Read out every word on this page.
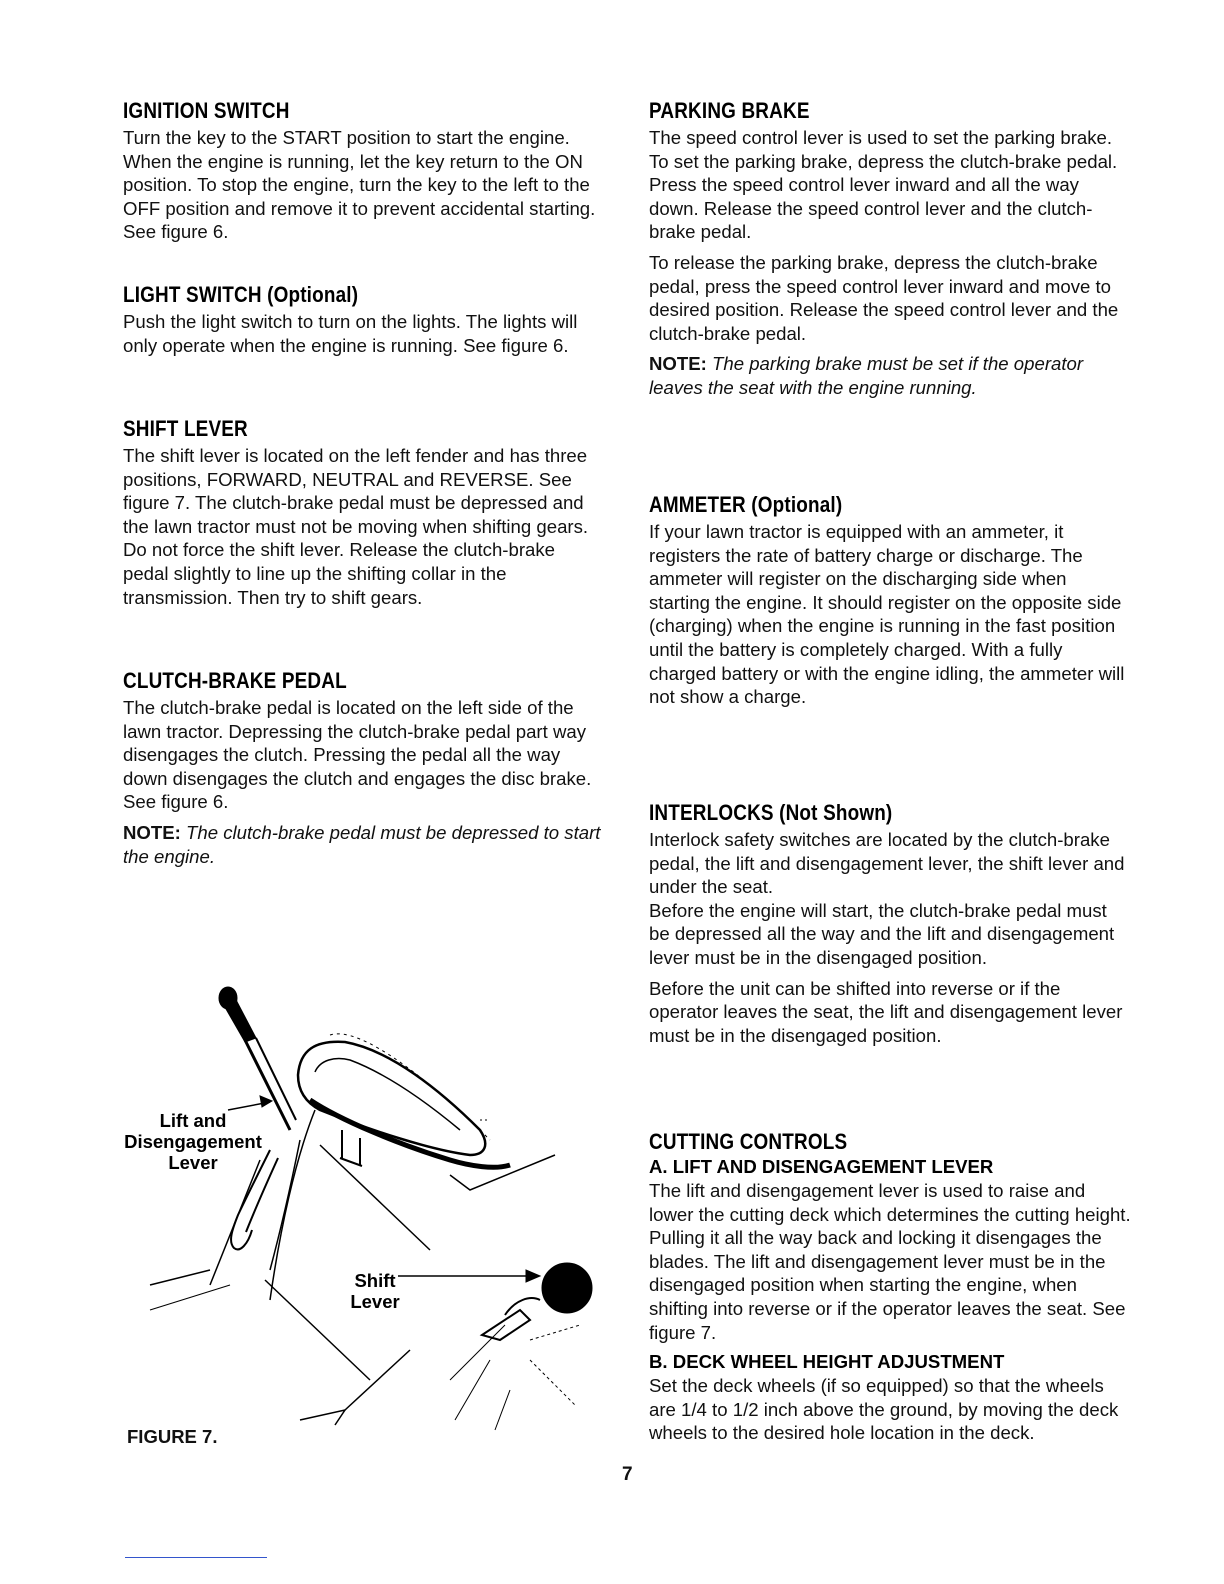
IGNITION SWITCH

Turn the key to the START position to start the engine. When the engine is running, let the key return to the ON position. To stop the engine, turn the key to the left to the OFF position and remove it to prevent accidental starting. See figure 6.

LIGHT SWITCH (Optional)

Push the light switch to turn on the lights. The lights will only operate when the engine is running. See figure 6.

SHIFT LEVER

The shift lever is located on the left fender and has three positions, FORWARD, NEUTRAL and REVERSE. See figure 7. The clutch-brake pedal must be depressed and the lawn tractor must not be moving when shifting gears. Do not force the shift lever. Release the clutch-brake pedal slightly to line up the shifting collar in the transmission. Then try to shift gears.

CLUTCH-BRAKE PEDAL

The clutch-brake pedal is located on the left side of the lawn tractor. Depressing the clutch-brake pedal part way disengages the clutch. Pressing the pedal all the way down disengages the clutch and engages the disc brake. See figure 6.

NOTE: The clutch-brake pedal must be depressed to start the engine.

Lift and Disengagement Lever
Shift Lever
FIGURE 7.
PARKING BRAKE

The speed control lever is used to set the parking brake. To set the parking brake, depress the clutch-brake pedal. Press the speed control lever inward and all the way down. Release the speed control lever and the clutch-brake pedal.

To release the parking brake, depress the clutch-brake pedal, press the speed control lever inward and move to desired position. Release the speed control lever and the clutch-brake pedal.

NOTE: The parking brake must be set if the operator leaves the seat with the engine running.

AMMETER (Optional)

If your lawn tractor is equipped with an ammeter, it registers the rate of battery charge or discharge. The ammeter will register on the discharging side when starting the engine. It should register on the opposite side (charging) when the engine is running in the fast position until the battery is completely charged. With a fully charged battery or with the engine idling, the ammeter will not show a charge.

INTERLOCKS (Not Shown)

Interlock safety switches are located by the clutch-brake pedal, the lift and disengagement lever, the shift lever and under the seat.

Before the engine will start, the clutch-brake pedal must be depressed all the way and the lift and disengagement lever must be in the disengaged position.

Before the unit can be shifted into reverse or if the operator leaves the seat, the lift and disengagement lever must be in the disengaged position.

CUTTING CONTROLS
A. LIFT AND DISENGAGEMENT LEVER

The lift and disengagement lever is used to raise and lower the cutting deck which determines the cutting height. Pulling it all the way back and locking it disengages the blades. The lift and disengagement lever must be in the disengaged position when starting the engine, when shifting into reverse or if the operator leaves the seat. See figure 7.

B. DECK WHEEL HEIGHT ADJUSTMENT

Set the deck wheels (if so equipped) so that the wheels are 1/4 to 1/2 inch above the ground, by moving the deck wheels to the desired hole location in the deck.

7
